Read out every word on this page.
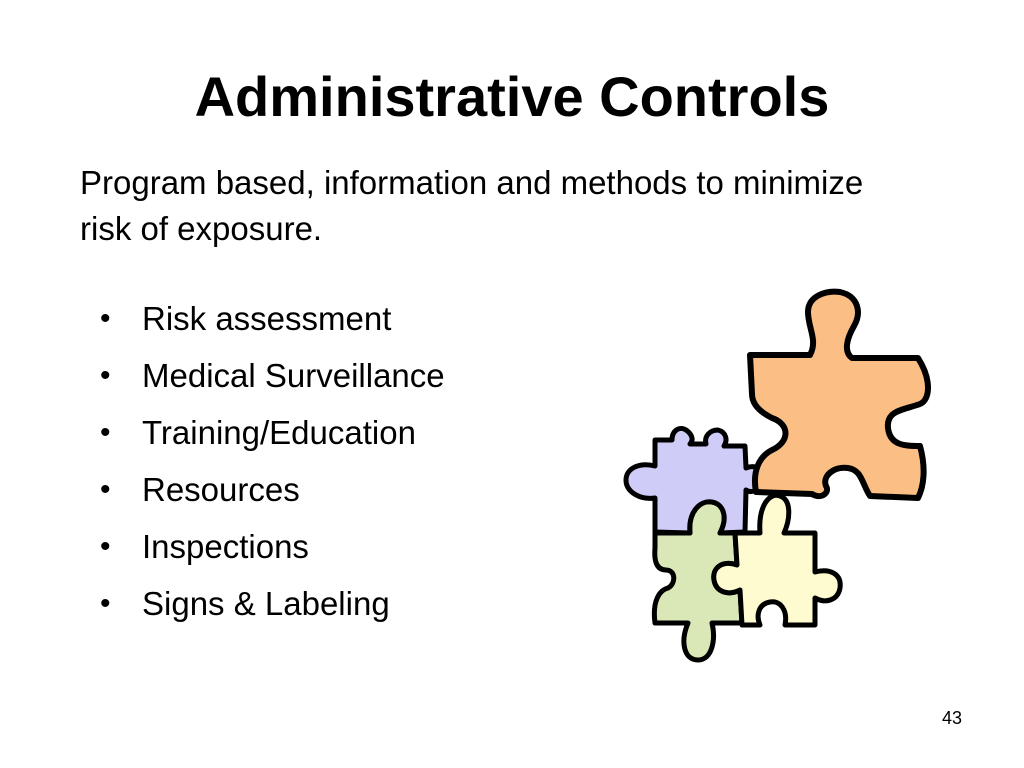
Administrative Controls

Program based, information and methods to minimize risk of exposure.

• Risk assessment
• Medical Surveillance
• Training/Education
• Resources
• Inspections
• Signs & Labeling
43
